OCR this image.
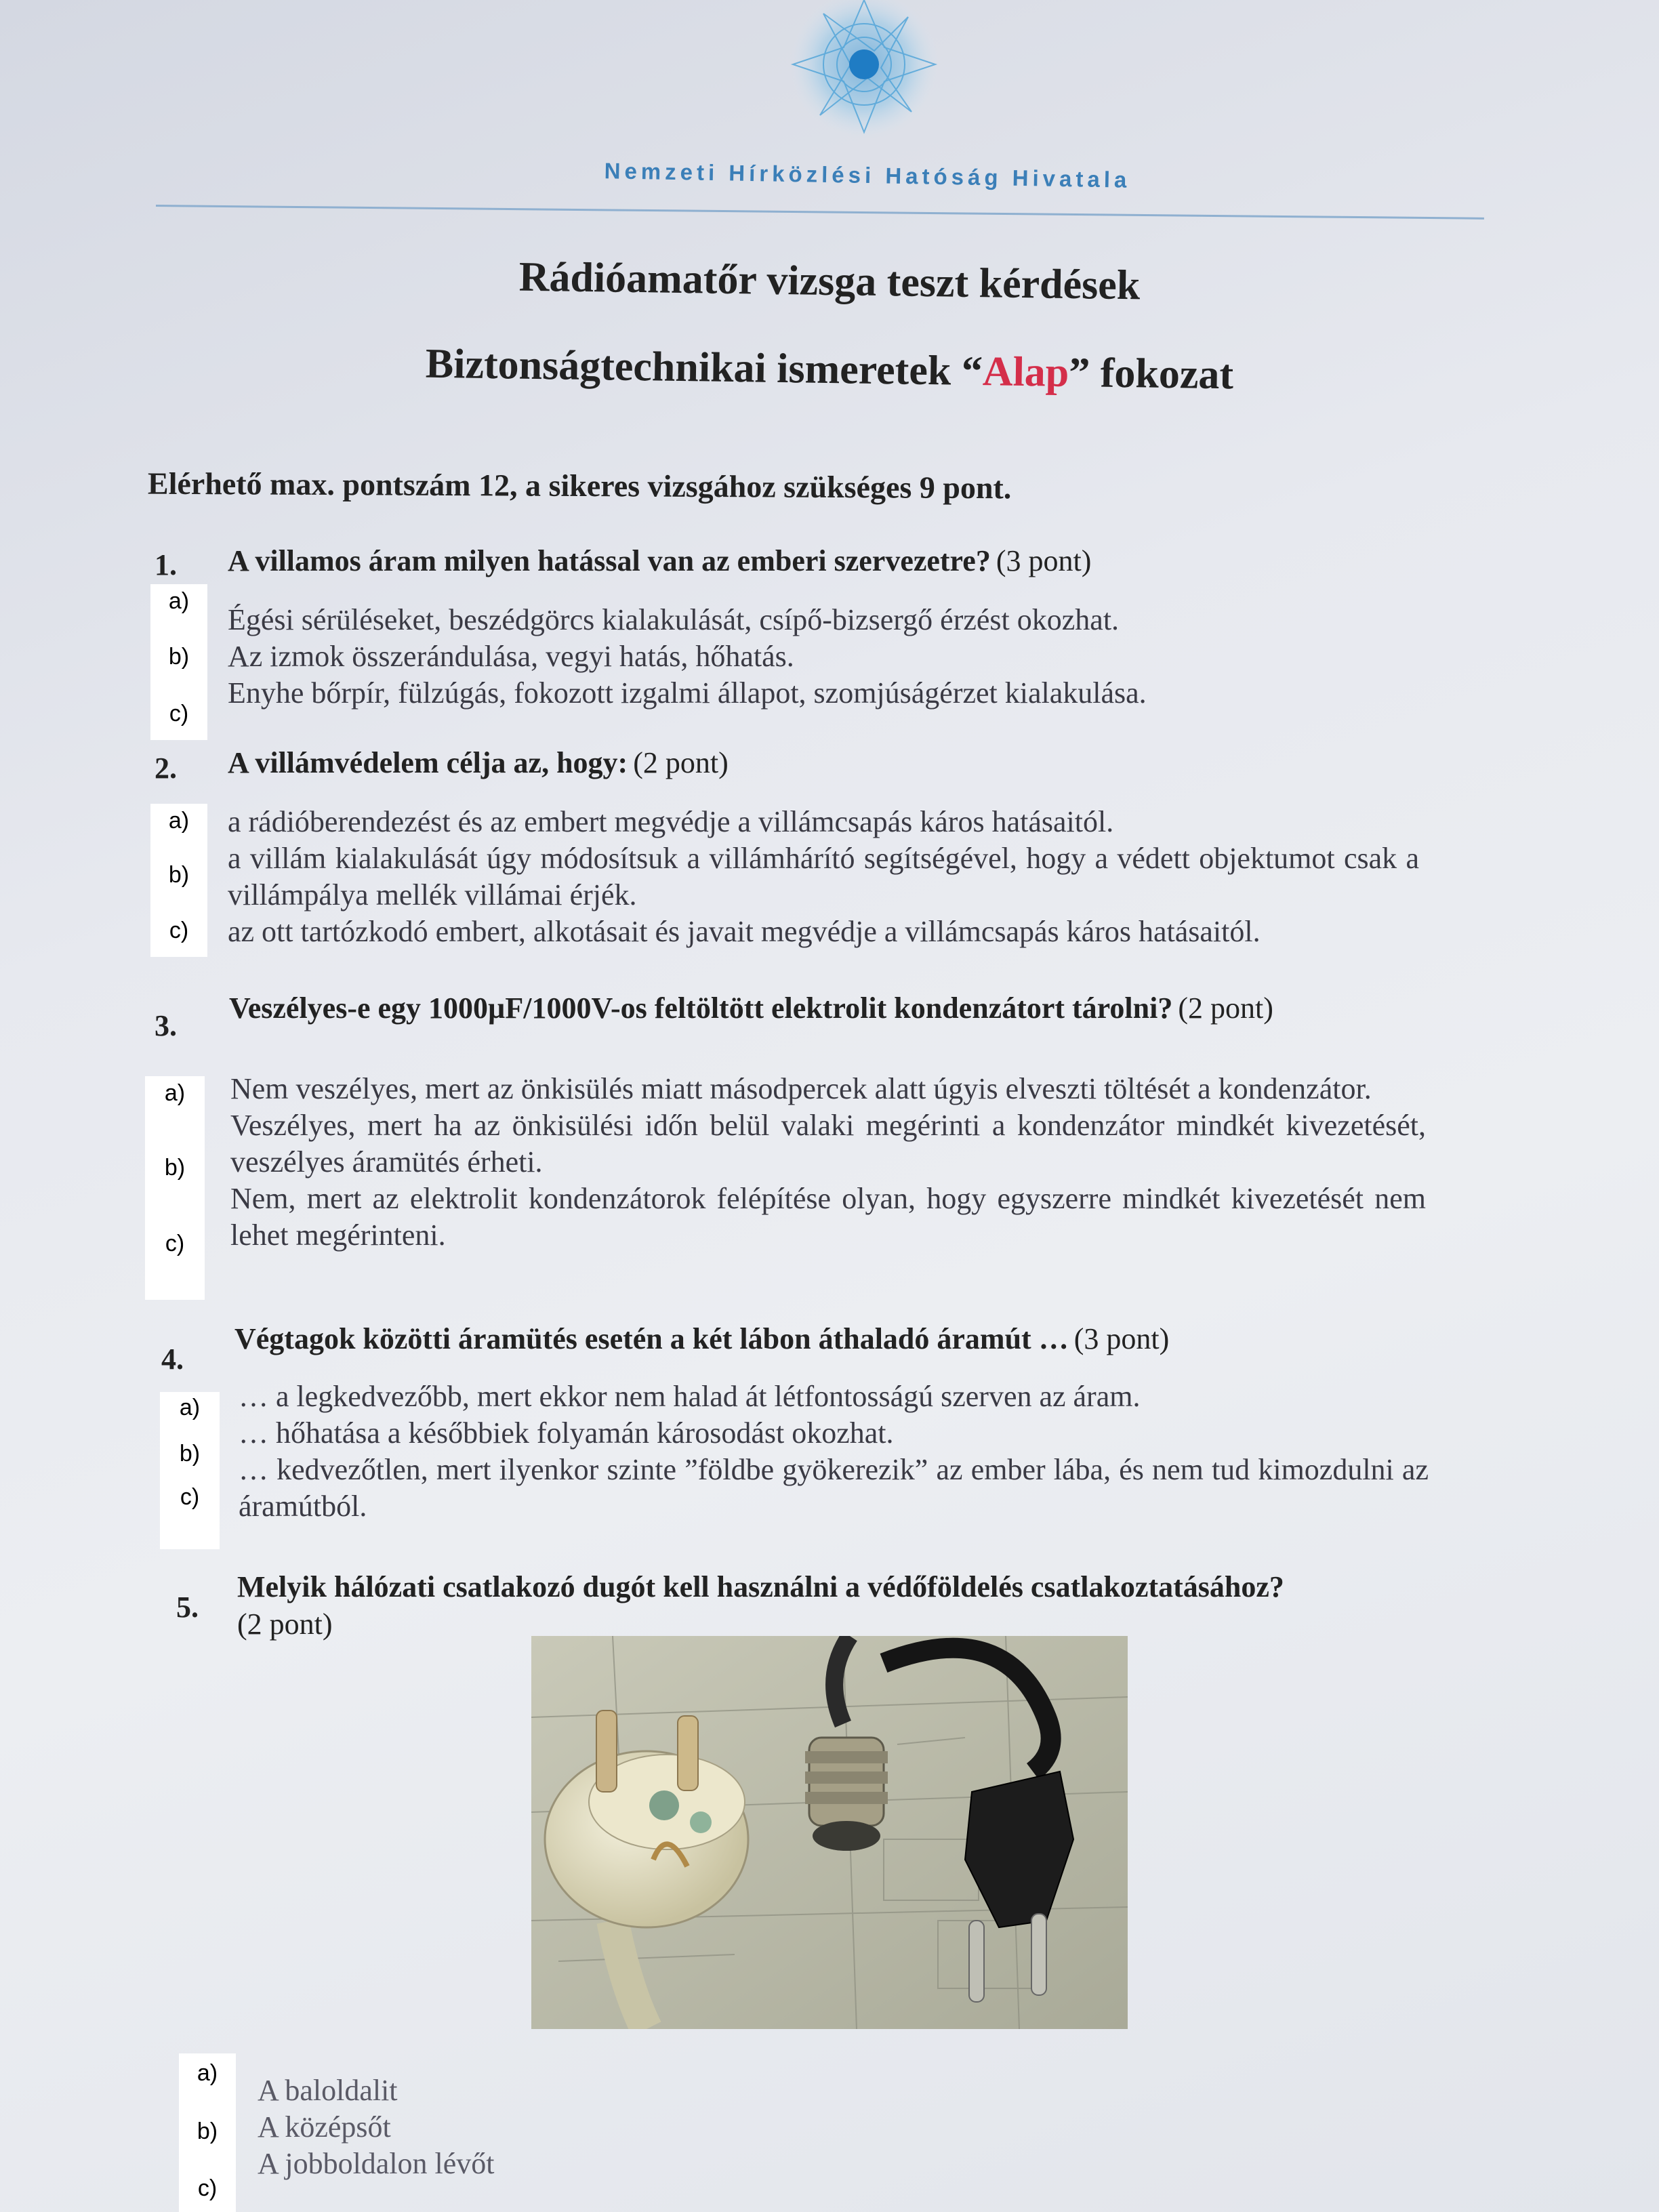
Nemzeti Hírközlési Hatóság Hivatala
Rádióamatőr vizsga teszt kérdések
Biztonságtechnikai ismeretek “Alap” fokozat
Elérhető max. pontszám 12, a sikeres vizsgához szükséges 9 pont.
1. A villamos áram milyen hatással van az emberi szervezetre? (3 pont)
a)
b)
c)
Égési sérüléseket, beszédgörcs kialakulását, csípő-bizsergő érzést okozhat.
Az izmok összerándulása, vegyi hatás, hőhatás.
Enyhe bőrpír, fülzúgás, fokozott izgalmi állapot, szomjúságérzet kialakulása.
2. A villámvédelem célja az, hogy: (2 pont)
a)
b)
c)
a rádióberendezést és az embert megvédje a villámcsapás káros hatásaitól.
a villám kialakulását úgy módosítsuk a villámhárító segítségével, hogy a védett objektumot csak a villámpálya mellék villámai érjék.
az ott tartózkodó embert, alkotásait és javait megvédje a villámcsapás káros hatásaitól.
3.
Veszélyes-e egy 1000µF/1000V-os feltöltött elektrolit kondenzátort tárolni? (2 pont)
a)
b)
c)
Nem veszélyes, mert az önkisülés miatt másodpercek alatt úgyis elveszti töltését a kondenzátor.
Veszélyes, mert ha az önkisülési időn belül valaki megérinti a kondenzátor mindkét kivezetését, veszélyes áramütés érheti.
Nem, mert az elektrolit kondenzátorok felépítése olyan, hogy egyszerre mindkét kivezetését nem lehet megérinteni.
4.
Végtagok közötti áramütés esetén a két lábon áthaladó áramút … (3 pont)
a)
b)
c)
… a legkedvezőbb, mert ekkor nem halad át létfontosságú szerven az áram.
… hőhatása a későbbiek folyamán károsodást okozhat.
… kedvezőtlen, mert ilyenkor szinte ”földbe gyökerezik” az ember lába, és nem tud kimozdulni az áramútból.
5.
Melyik hálózati csatlakozó dugót kell használni a védőföldelés csatlakoztatásához?
(2 pont)
a)
b)
c)
A baloldalit
A középsőt
A jobboldalon lévőt
